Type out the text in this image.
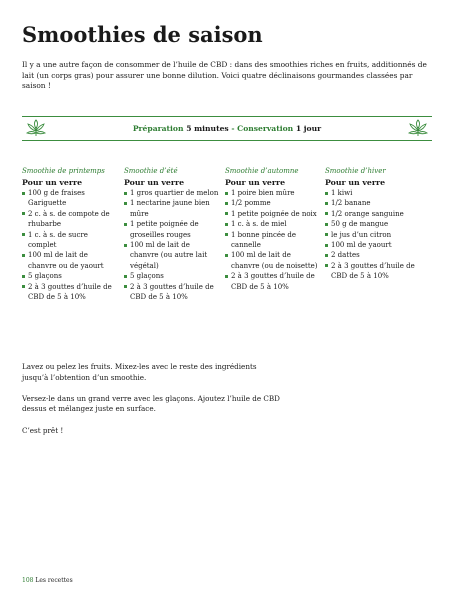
Smoothies de saison

Il y a une autre façon de consommer de l’huile de CBD : dans des smoothies riches en fruits, additionnés de lait (un corps gras) pour assurer une bonne dilution. Voici quatre déclinaisons gourmandes classées par saison !

Préparation 5 minutes - Conservation 1 jour
Smoothie de printemps
Pour un verre
100 g de fraises Gariguette
2 c. à s. de compote de rhubarbe
1 c. à s. de sucre complet
100 ml de lait de chanvre ou de yaourt
5 glaçons
2 à 3 gouttes d’huile de CBD de 5 à 10%
Smoothie d’été
Pour un verre
1 gros quartier de melon
1 nectarine jaune bien mûre
1 petite poignée de groseilles rouges
100 ml de lait de chanvre (ou autre lait végétal)
5 glaçons
2 à 3 gouttes d’huile de CBD de 5 à 10%
Smoothie d’automne
Pour un verre
1 poire bien mûre
1/2 pomme
1 petite poignée de noix
1 c. à s. de miel
1 bonne pincée de cannelle
100 ml de lait de chanvre (ou de noisette)
2 à 3 gouttes d’huile de CBD de 5 à 10%
Smoothie d’hiver
Pour un verre
1 kiwi
1/2 banane
1/2 orange sanguine
50 g de mangue
le jus d’un citron
100 ml de yaourt
2 dattes
2 à 3 gouttes d’huile de CBD de 5 à 10%

Lavez ou pelez les fruits. Mixez-les avec le reste des ingrédients jusqu’à l’obtention d’un smoothie.

Versez-le dans un grand verre avec les glaçons. Ajoutez l’huile de CBD dessus et mélangez juste en surface.

C’est prêt !

108 Les recettes
